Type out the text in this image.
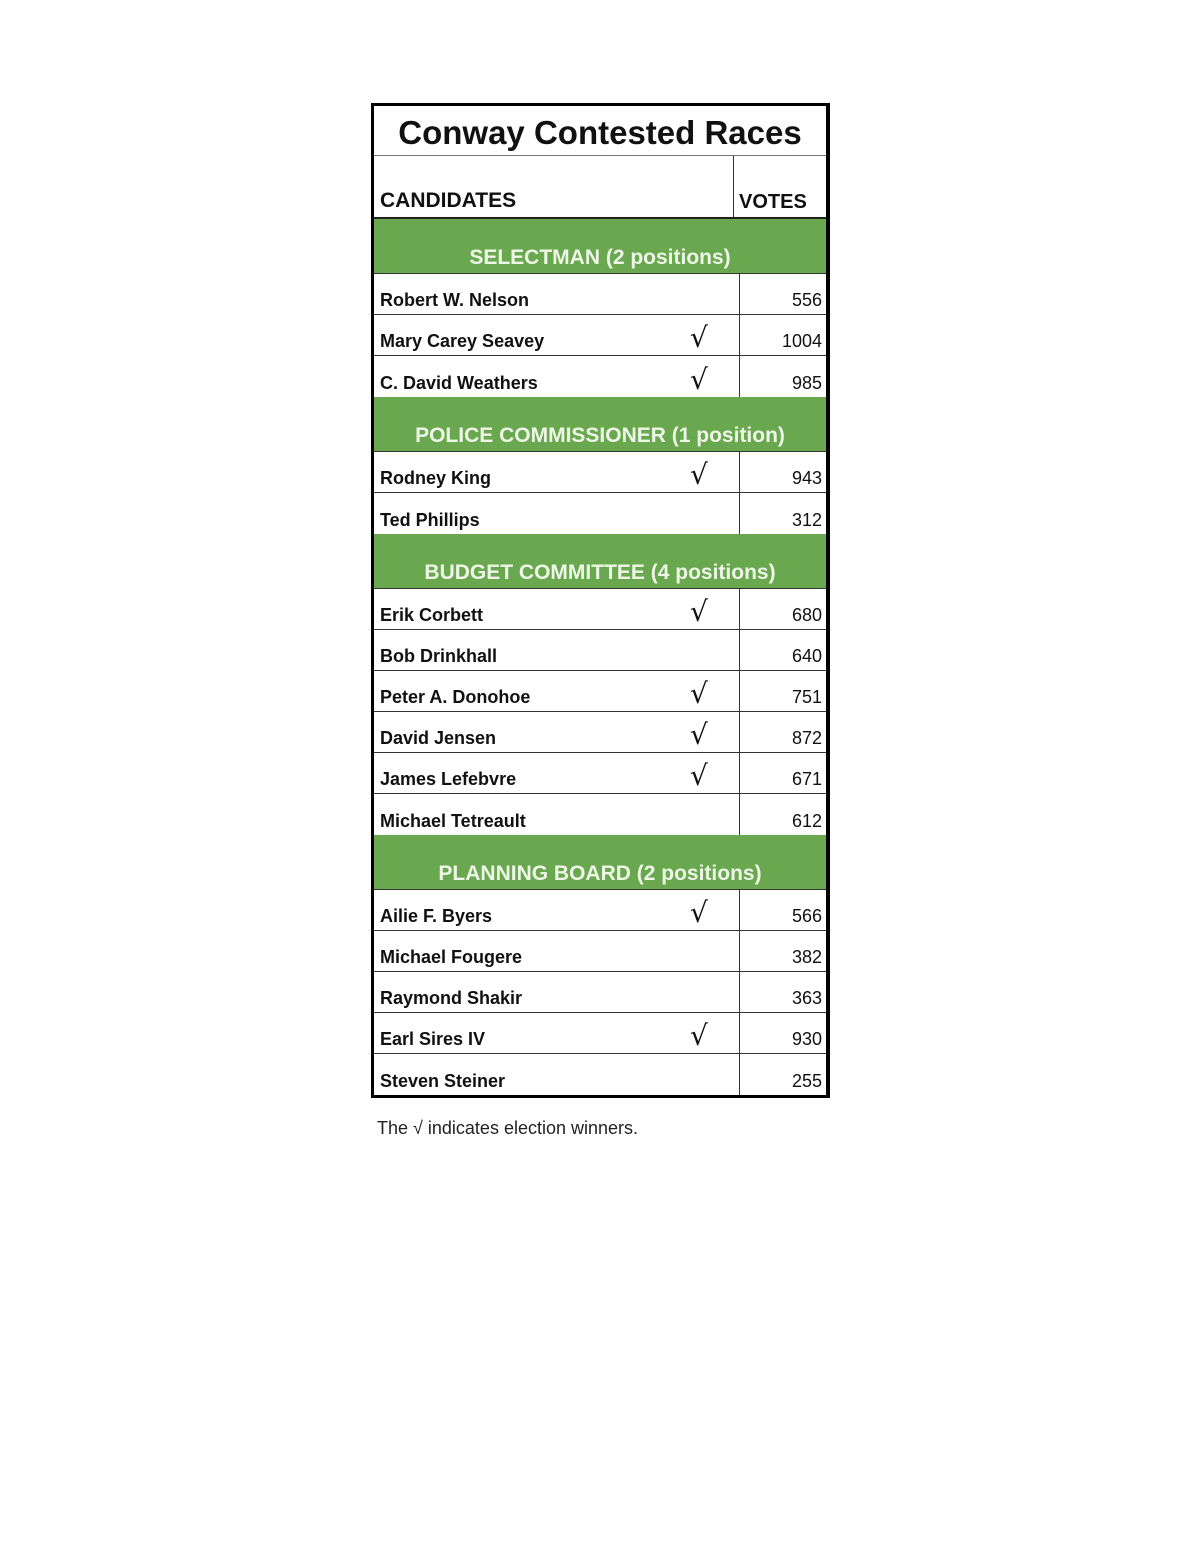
Conway Contested Races
CANDIDATES	VOTES
SELECTMAN (2 positions)
Robert W. Nelson	556
Mary Carey Seavey	√	1004
C. David Weathers	√	985
POLICE COMMISSIONER (1 position)
Rodney King	√	943
Ted Phillips	312
BUDGET COMMITTEE (4 positions)
Erik Corbett	√	680
Bob Drinkhall	640
Peter A. Donohoe	√	751
David Jensen	√	872
James Lefebvre	√	671
Michael Tetreault	612
PLANNING BOARD (2 positions)
Ailie F. Byers	√	566
Michael Fougere	382
Raymond Shakir	363
Earl Sires IV	√	930
Steven Steiner	255
The √ indicates election winners.
